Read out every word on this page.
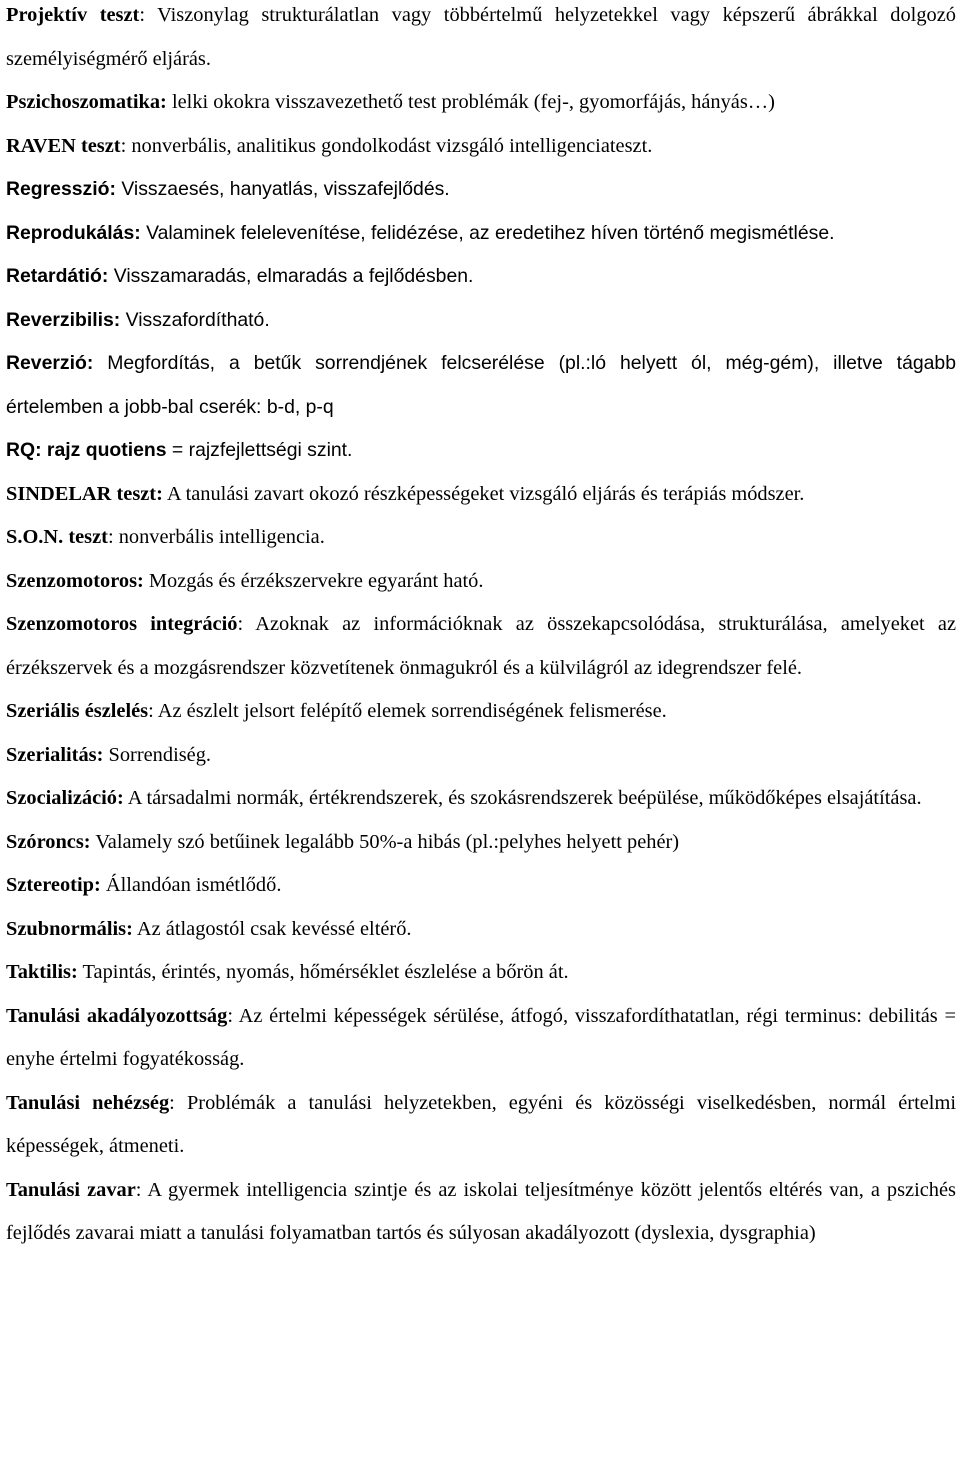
Projektív teszt: Viszonylag strukturálatlan vagy többértelmű helyzetekkel vagy képszerű ábrákkal dolgozó személyiségmérő eljárás.

Pszichoszomatika: lelki okokra visszavezethető test problémák (fej-, gyomorfájás, hányás…)

RAVEN teszt: nonverbális, analitikus gondolkodást vizsgáló intelligenciateszt.

Regresszió: Visszaesés, hanyatlás, visszafejlődés.

Reprodukálás: Valaminek felelevenítése, felidézése, az eredetihez híven történő megismétlése.

Retardátió: Visszamaradás, elmaradás a fejlődésben.

Reverzibilis: Visszafordítható.

Reverzió: Megfordítás, a betűk sorrendjének felcserélése (pl.:ló helyett ól, még-gém), illetve tágabb értelemben a jobb-bal cserék: b-d, p-q

RQ: rajz quotiens = rajzfejlettségi szint.

SINDELAR teszt: A tanulási zavart okozó részképességeket vizsgáló eljárás és terápiás módszer.

S.O.N. teszt: nonverbális intelligencia.

Szenzomotoros: Mozgás és érzékszervekre egyaránt ható.

Szenzomotoros integráció: Azoknak az információknak az összekapcsolódása, strukturálása, amelyeket az érzékszervek és a mozgásrendszer közvetítenek önmagukról és a külvilágról az idegrendszer felé.

Szeriális észlelés: Az észlelt jelsort felépítő elemek sorrendiségének felismerése.

Szerialitás: Sorrendiség.

Szocializáció: A társadalmi normák, értékrendszerek, és szokásrendszerek beépülése, működőképes elsajátítása.

Szóroncs: Valamely szó betűinek legalább 50%-a hibás (pl.:pelyhes helyett pehér)

Sztereotip: Állandóan ismétlődő.

Szubnormális: Az átlagostól csak kevéssé eltérő.

Taktilis: Tapintás, érintés, nyomás, hőmérséklet észlelése a bőrön át.

Tanulási akadályozottság: Az értelmi képességek sérülése, átfogó, visszafordíthatatlan, régi terminus: debilitás = enyhe értelmi fogyatékosság.

Tanulási nehézség: Problémák a tanulási helyzetekben, egyéni és közösségi viselkedésben, normál értelmi képességek, átmeneti.

Tanulási zavar: A gyermek intelligencia szintje és az iskolai teljesítménye között jelentős eltérés van, a pszichés fejlődés zavarai miatt a tanulási folyamatban tartós és súlyosan akadályozott (dyslexia, dysgraphia)
